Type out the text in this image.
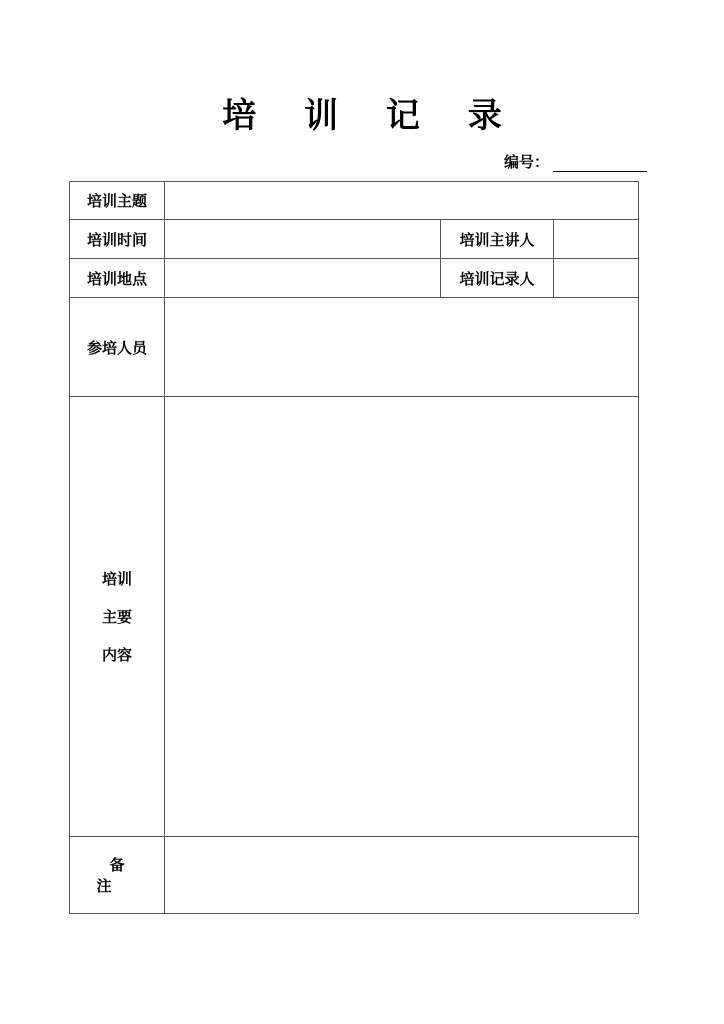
培 训 记 录
编号：
培训主题
培训时间	培训主讲人
培训地点	培训记录人
参培人员
培训
主要
内容
备 注
